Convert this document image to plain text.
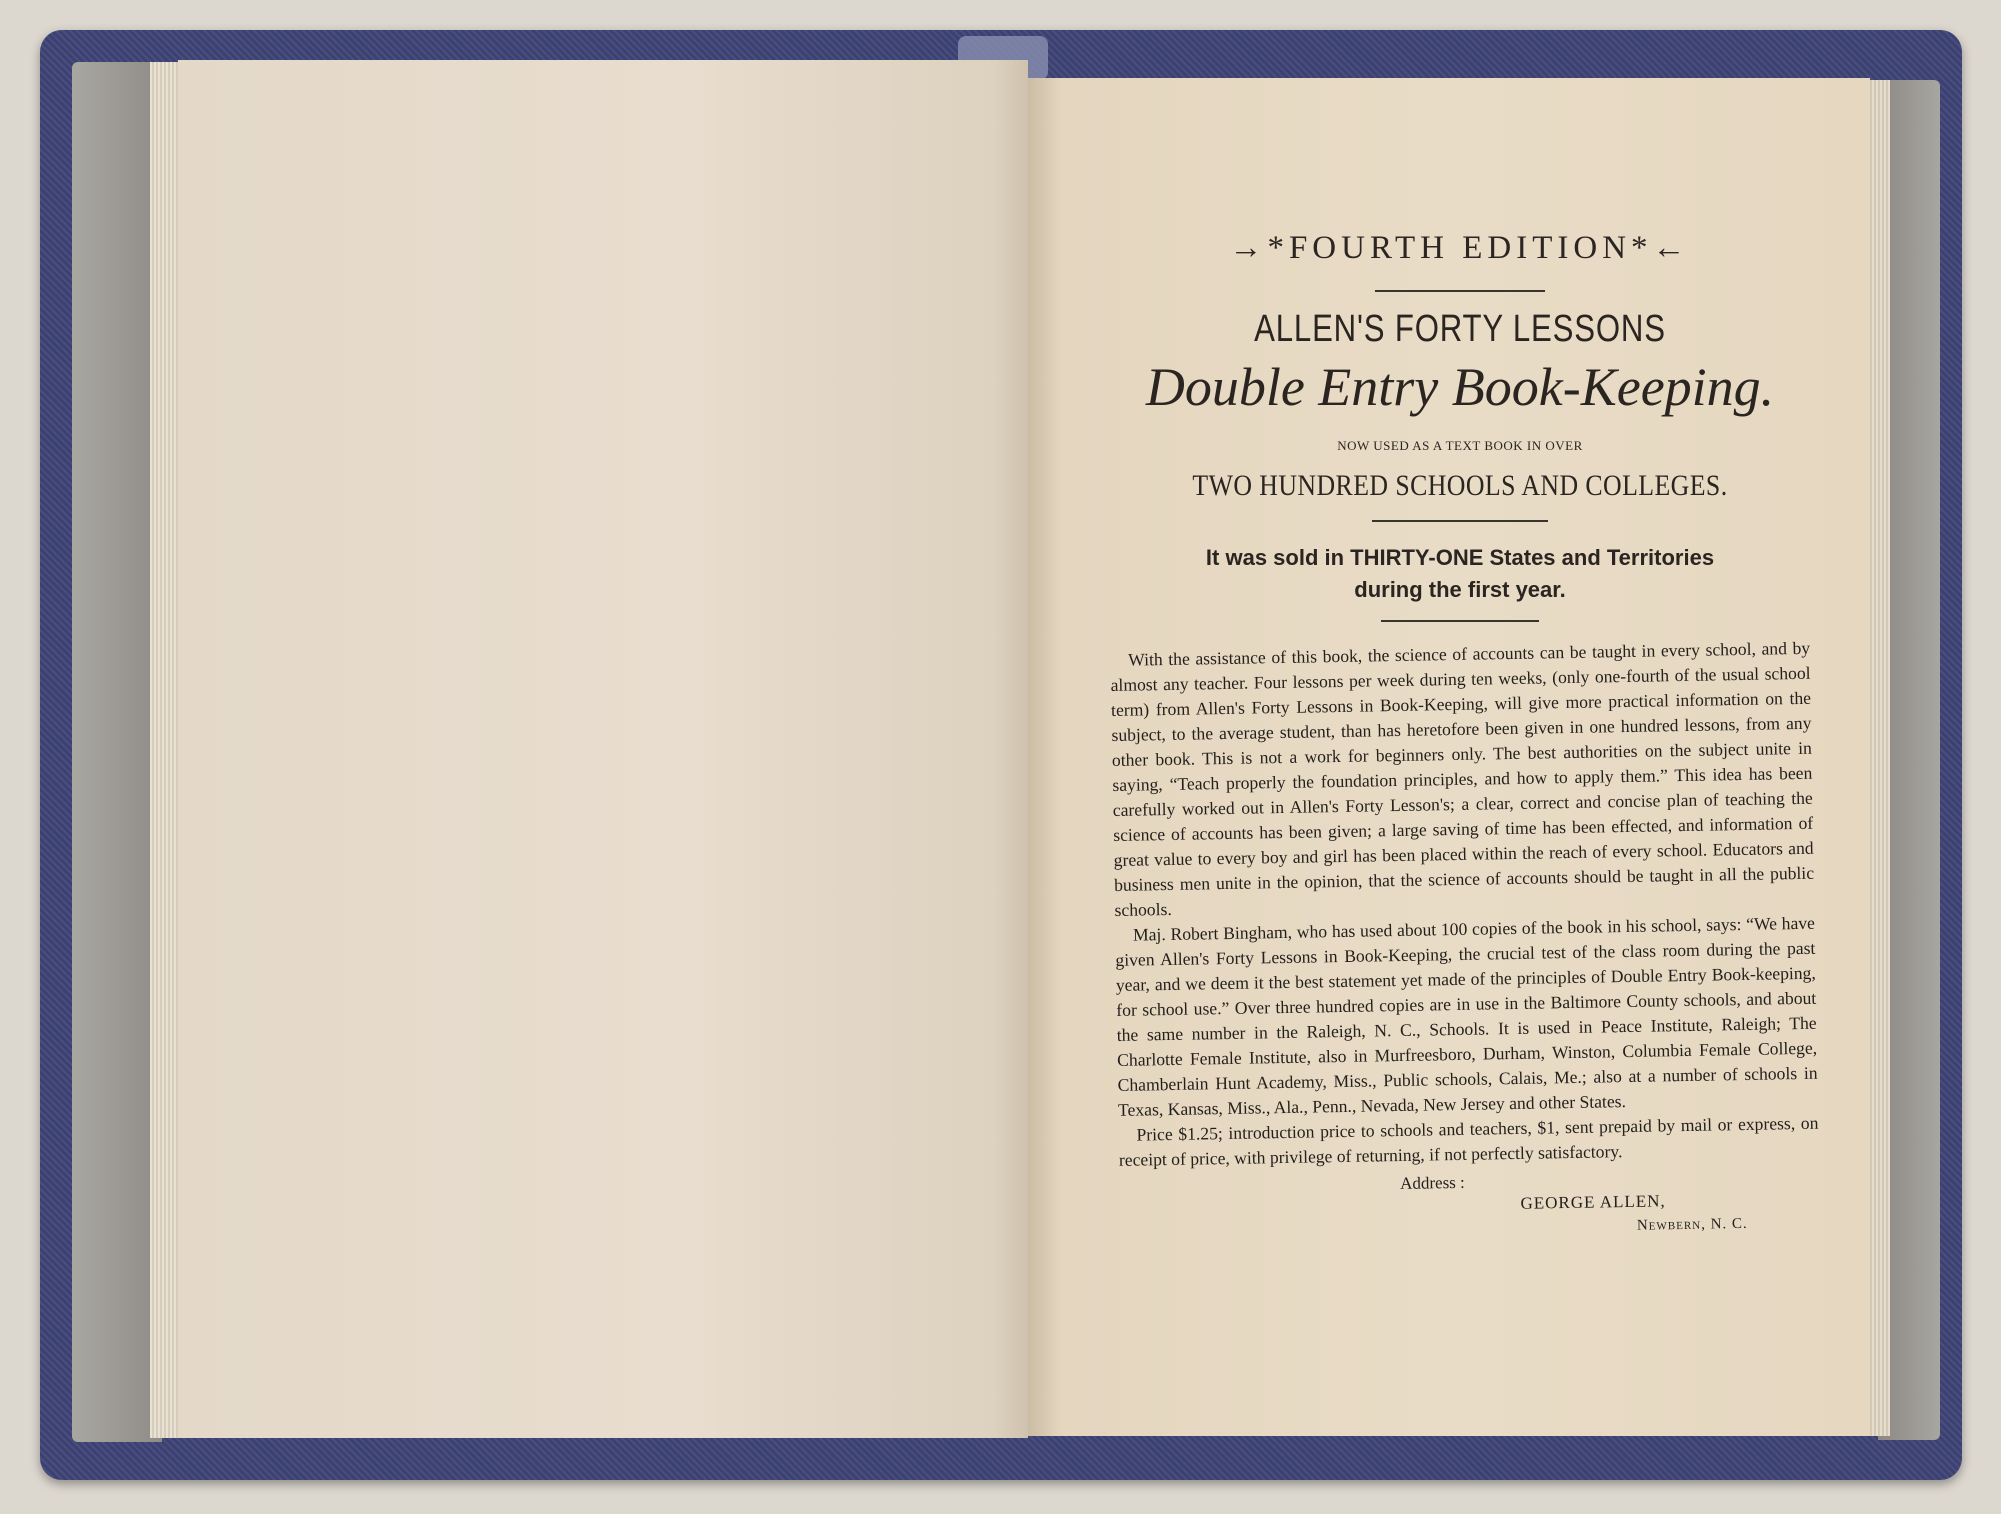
→*FOURTH EDITION*←

ALLEN'S FORTY LESSONS

Double Entry Book-Keeping.

NOW USED AS A TEXT BOOK IN OVER

TWO HUNDRED SCHOOLS AND COLLEGES.

It was sold in THIRTY-ONE States and Territories

during the first year.

With the assistance of this book, the science of accounts can be taught in every school, and by almost any teacher. Four lessons per week during ten weeks, (only one-fourth of the usual school term) from Allen's Forty Lessons in Book-Keeping, will give more practical information on the subject, to the average student, than has heretofore been given in one hundred lessons, from any other book. This is not a work for beginners only. The best authorities on the subject unite in saying, “Teach properly the foundation principles, and how to apply them.” This idea has been carefully worked out in Allen's Forty Lesson's; a clear, correct and concise plan of teaching the science of accounts has been given; a large saving of time has been effected, and information of great value to every boy and girl has been placed within the reach of every school. Educators and business men unite in the opinion, that the science of accounts should be taught in all the public schools.

Maj. Robert Bingham, who has used about 100 copies of the book in his school, says: “We have given Allen's Forty Lessons in Book-Keeping, the crucial test of the class room during the past year, and we deem it the best statement yet made of the principles of Double Entry Book-keeping, for school use.” Over three hundred copies are in use in the Baltimore County schools, and about the same number in the Raleigh, N. C., Schools. It is used in Peace Institute, Raleigh; The Charlotte Female Institute, also in Murfreesboro, Durham, Winston, Columbia Female College, Chamberlain Hunt Academy, Miss., Public schools, Calais, Me.; also at a number of schools in Texas, Kansas, Miss., Ala., Penn., Nevada, New Jersey and other States.

Price $1.25; introduction price to schools and teachers, $1, sent prepaid by mail or express, on receipt of price, with privilege of returning, if not perfectly satisfactory.

Address :
GEORGE ALLEN,
Newbern, N. C.
